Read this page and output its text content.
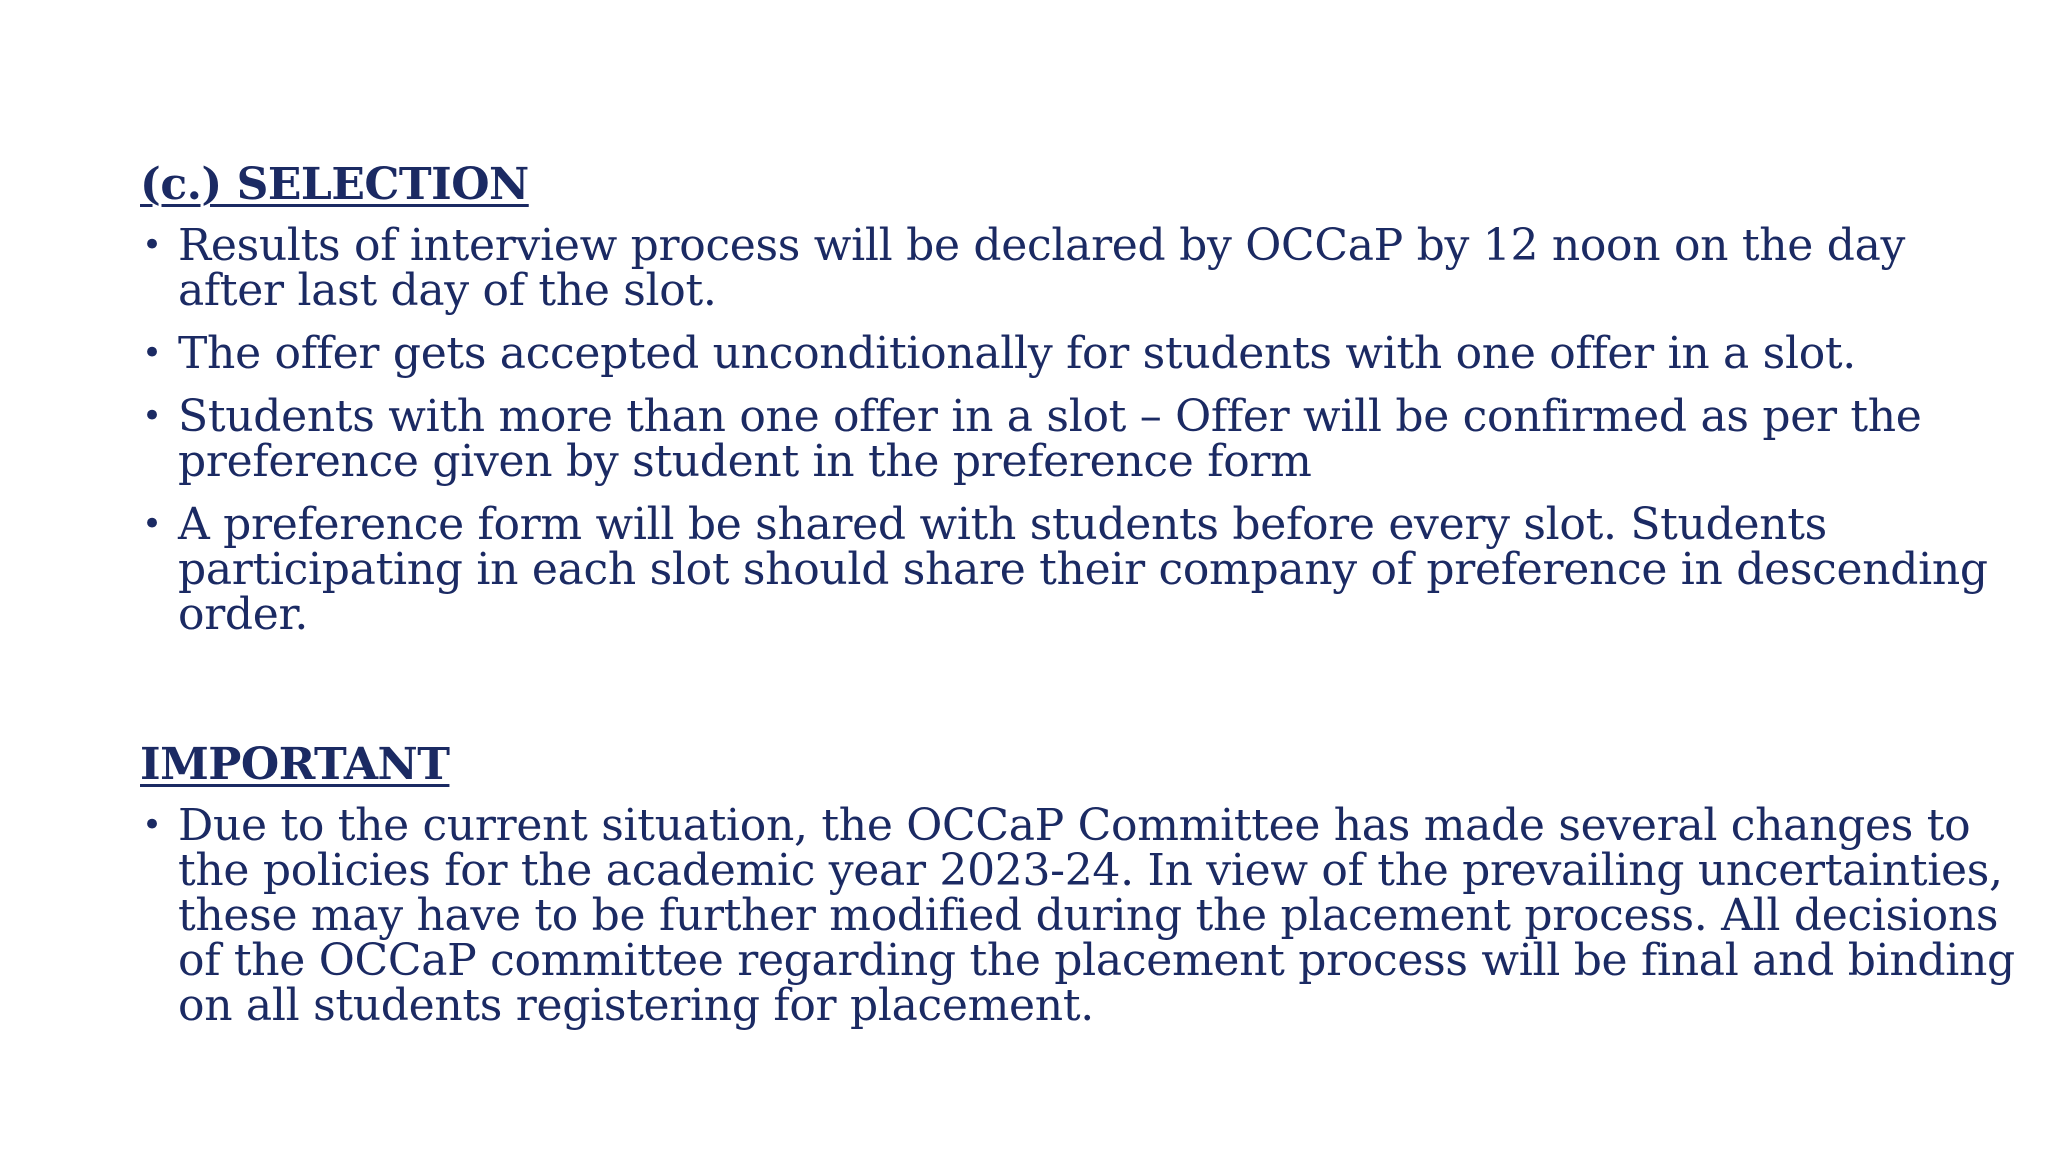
(c.) SELECTION
• Results of interview process will be declared by OCCaP by 12 noon on the day after last day of the slot.
• The offer gets accepted unconditionally for students with one offer in a slot.
• Students with more than one offer in a slot – Offer will be confirmed as per the preference given by student in the preference form
• A preference form will be shared with students before every slot. Students participating in each slot should share their company of preference in descending order.
IMPORTANT
• Due to the current situation, the OCCaP Committee has made several changes to the policies for the academic year 2023-24. In view of the prevailing uncertainties, these may have to be further modified during the placement process. All decisions of the OCCaP committee regarding the placement process will be final and binding on all students registering for placement.
